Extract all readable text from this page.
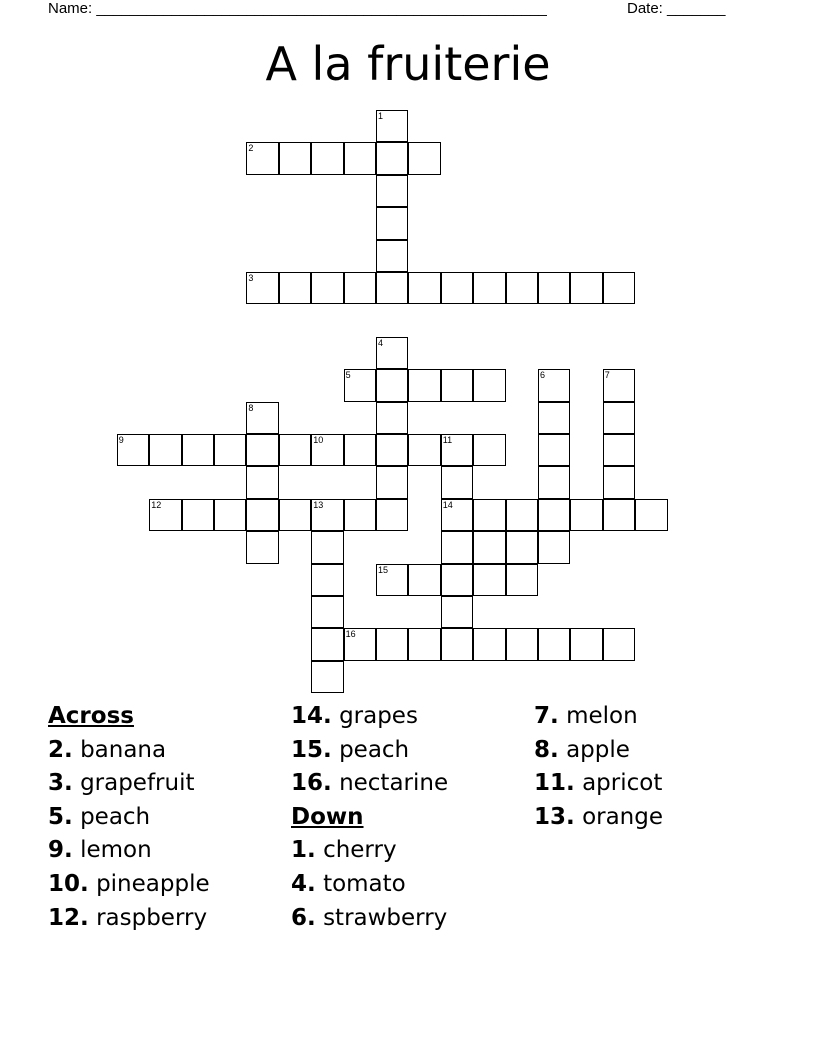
Name: ______________________________________________________	Date: _______
A la fruiterie
1
2
3
4
5	6	7
8
9	10	11
12	13	14
15
16
Across
2. banana
3. grapefruit
5. peach
9. lemon
10. pineapple
12. raspberry
14. grapes
15. peach
16. nectarine
Down
1. cherry
4. tomato
6. strawberry
7. melon
8. apple
11. apricot
13. orange
